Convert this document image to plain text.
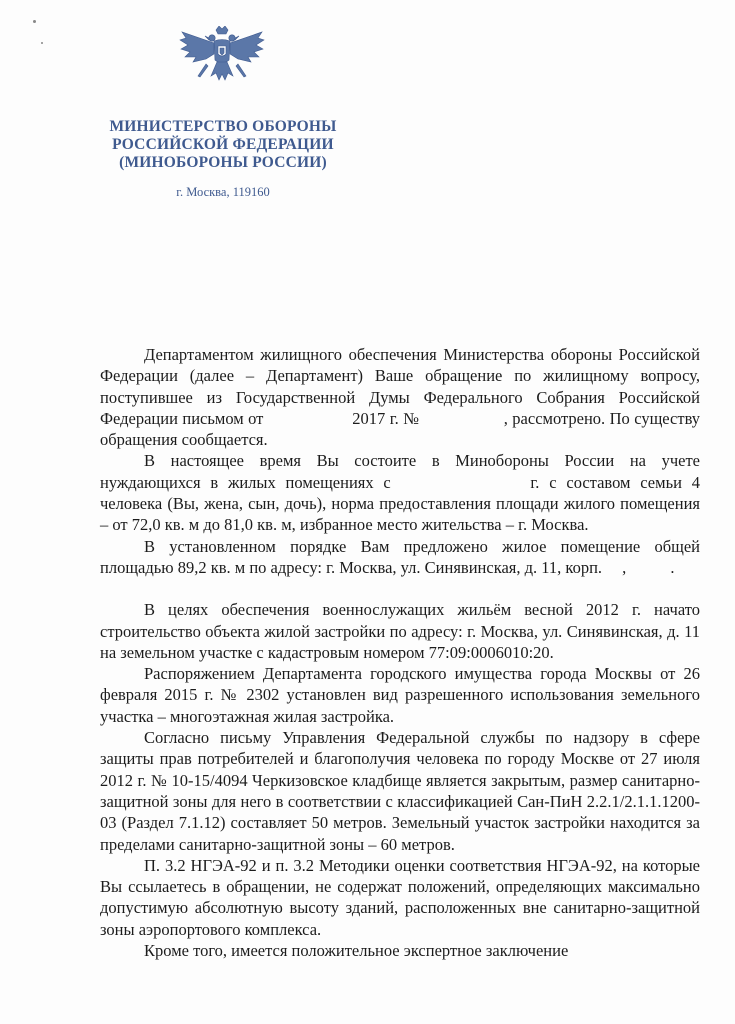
МИНИСТЕРСТВО ОБОРОНЫ
РОССИЙСКОЙ ФЕДЕРАЦИИ
(МИНОБОРОНЫ РОССИИ)
г. Москва, 119160

Департаментом жилищного обеспечения Министерства обороны Российской Федерации (далее – Департамент) Ваше обращение по жилищному вопросу, поступившее из Государственной Думы Федерального Собрания Российской Федерации письмом от	2017 г. №	, рассмотрено. По существу обращения сообщается.

В настоящее время Вы состоите в Минобороны России на учете нуждающихся в жилых помещениях с	г. с составом семьи 4 человека (Вы, жена, сын, дочь), норма предоставления площади жилого помещения – от 72,0 кв. м до 81,0 кв. м, избранное место жительства – г. Москва.

В установленном порядке Вам предложено жилое помещение общей площадью 89,2 кв. м по адресу: г. Москва, ул. Синявинская, д. 11, корп. ,	.

В целях обеспечения военнослужащих жильём весной 2012 г. начато строительство объекта жилой застройки по адресу: г. Москва, ул. Синявинская, д. 11 на земельном участке с кадастровым номером 77:09:0006010:20.

Распоряжением Департамента городского имущества города Москвы от 26 февраля 2015 г. № 2302 установлен вид разрешенного использования земельного участка – многоэтажная жилая застройка.

Согласно письму Управления Федеральной службы по надзору в сфере защиты прав потребителей и благополучия человека по городу Москве от 27 июля 2012 г. № 10-15/4094 Черкизовское кладбище является закрытым, размер санитарно-защитной зоны для него в соответствии с классификацией Сан-ПиН 2.2.1/2.1.1.1200-03 (Раздел 7.1.12) составляет 50 метров. Земельный участок застройки находится за пределами санитарно-защитной зоны – 60 метров.

П. 3.2 НГЭА-92 и п. 3.2 Методики оценки соответствия НГЭА-92, на которые Вы ссылаетесь в обращении, не содержат положений, определяющих максимально допустимую абсолютную высоту зданий, расположенных вне санитарно-защитной зоны аэропортового комплекса.

Кроме того, имеется положительное экспертное заключение
